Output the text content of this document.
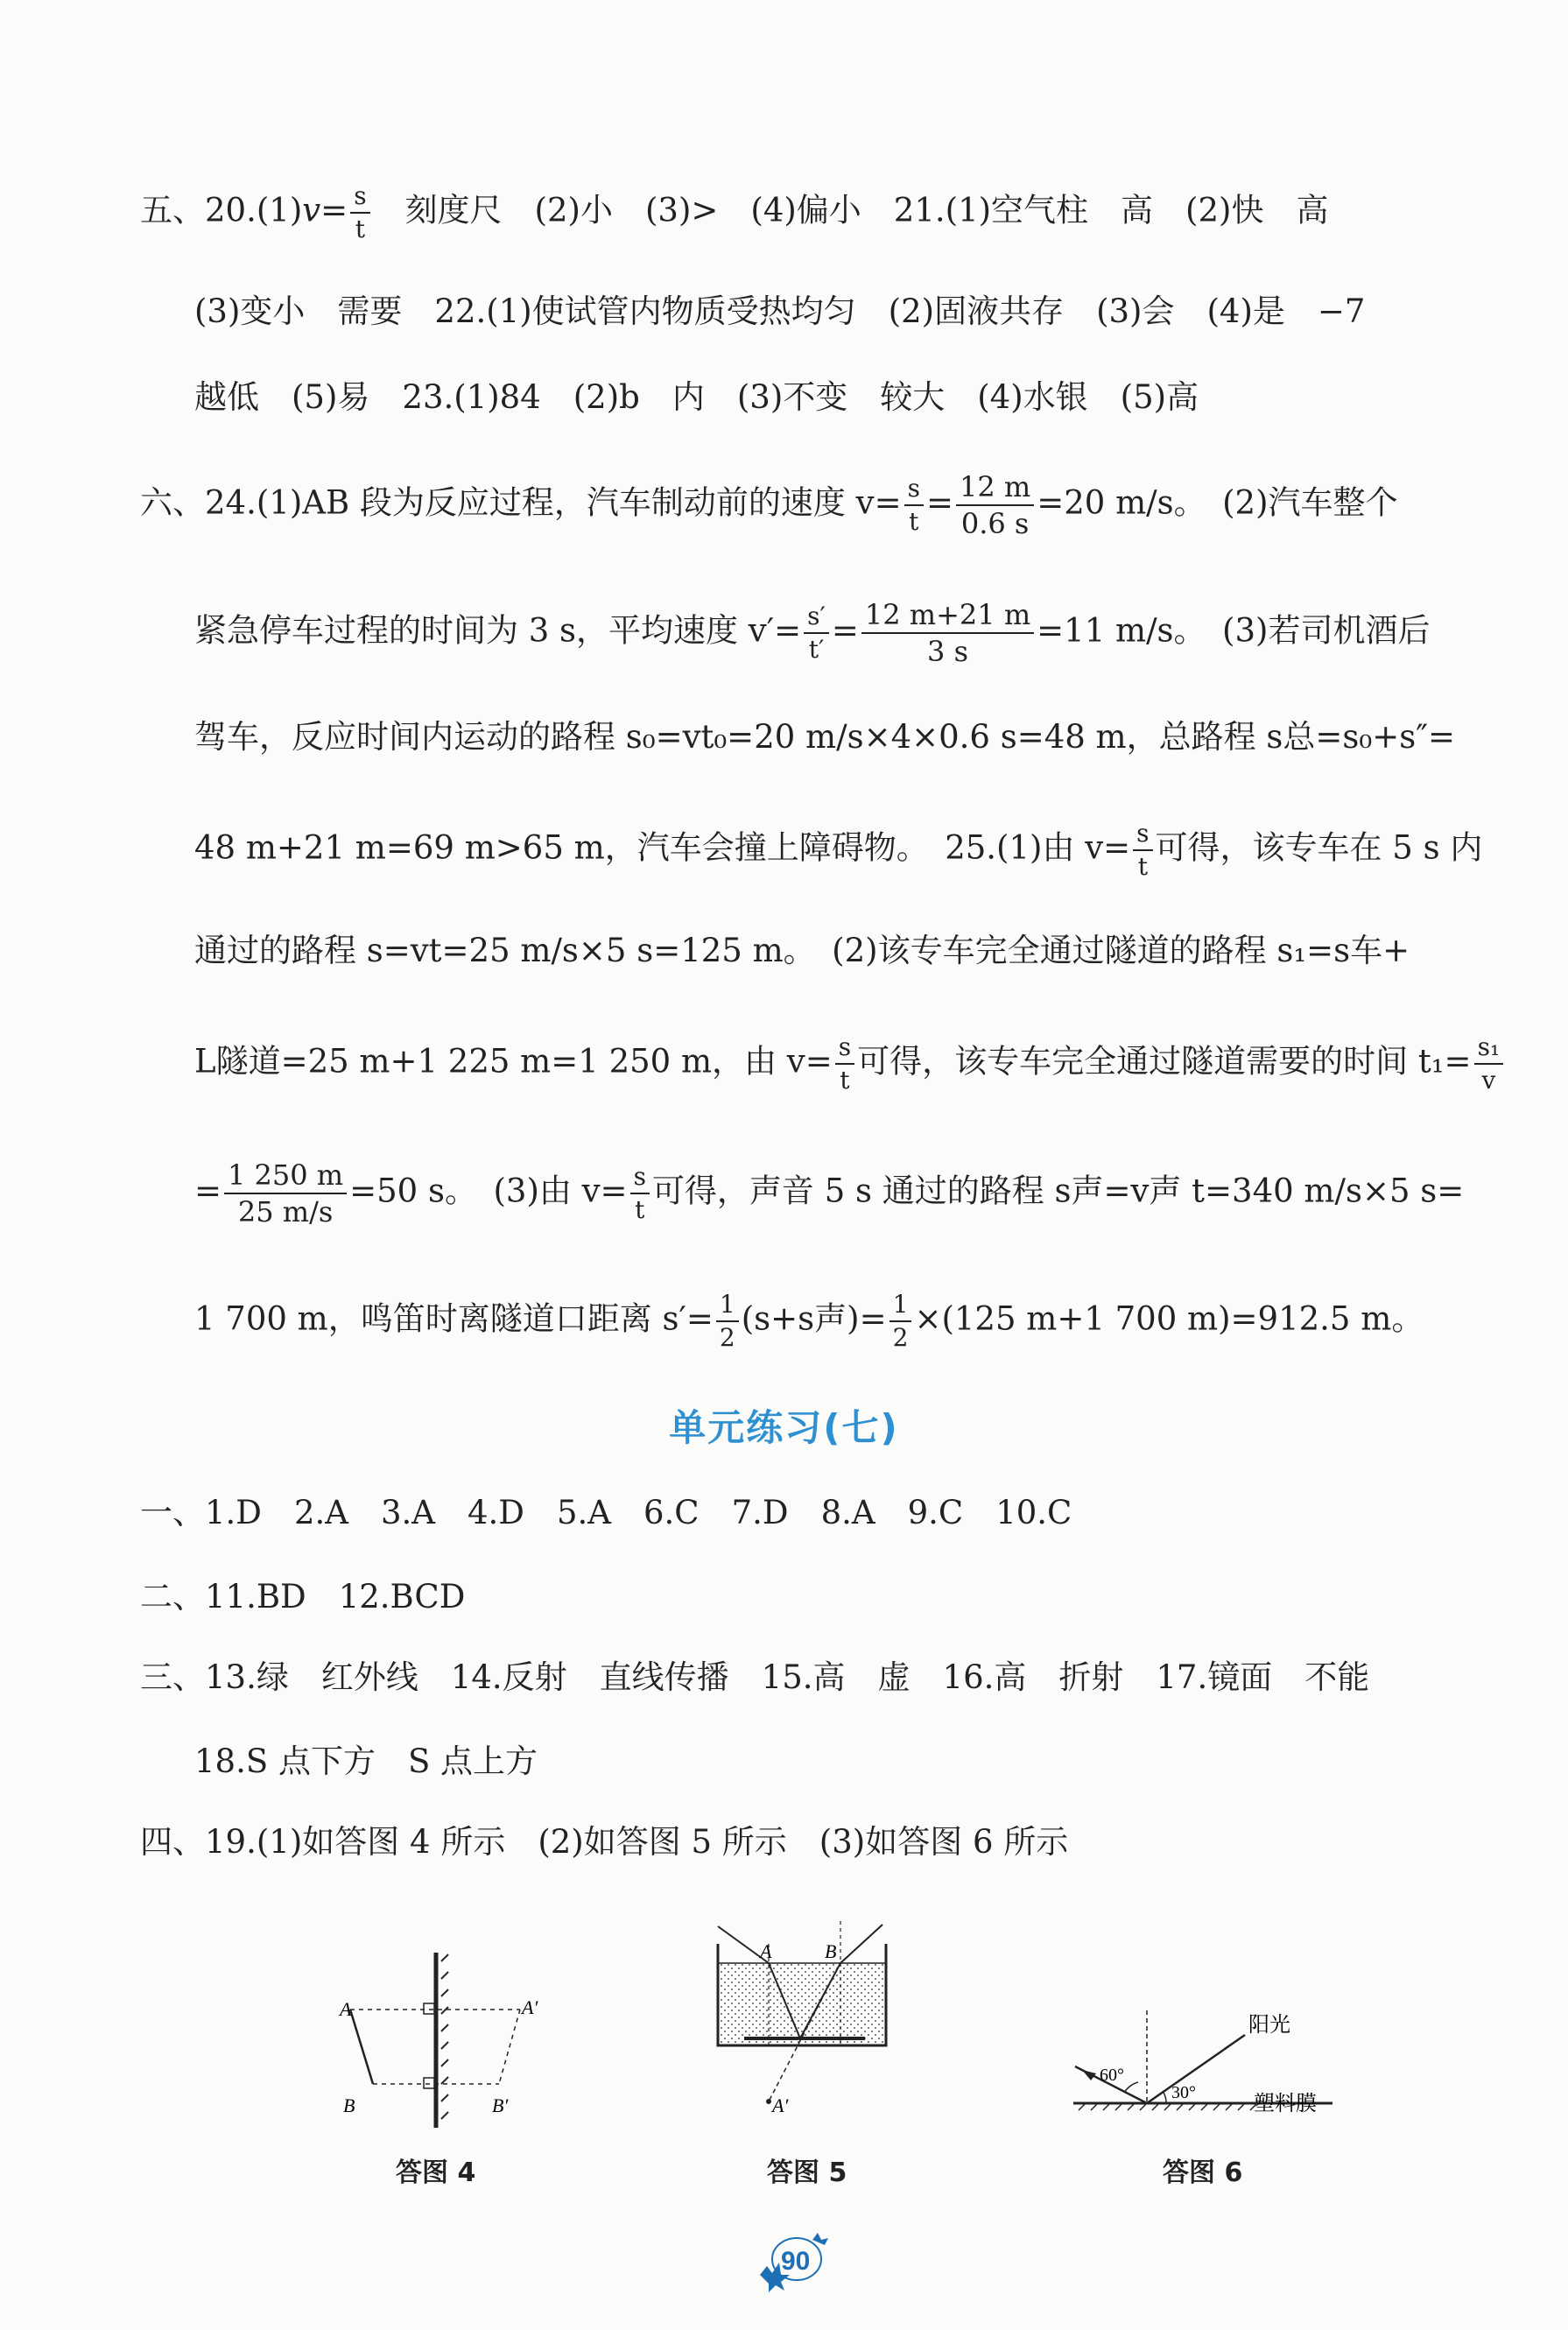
五、$20.(1)v= \frac{s}{t}$
　 刻度尺　(2)小　(3)>　(4)偏小　21.(1)空气柱　高　(2)快　高
(3)变小　需要　22.(1)使试管内物质受热均匀　(2)固液共存　(3)会　(4)是　−7
越低　(5)易　23.(1)84　(2)b　内　(3)不变　较大　(4)水银　(5)高
六、24.(1)AB 段为反应过程，汽车制动前的速度 $v= \frac{s}{t} = \frac{12 m}{0.6 s} =20$ m/s。　(2)汽车整个
紧急停车过程的时间为 3 s，平均速度 $v'= \frac{s'}{t'} = \frac{12 m+21 m}{3 s} =11$ m/s。　(3)若司机酒后
驾车，反应时间内运动的路程 s₀=vt₀=20 m/s×4×0.6 s=48 m，总路程 s总=s₀+s″=
48 m+21 m=69 m>65 m，汽车会撞上障碍物。　25.(1)由 $v= \frac{s}{t}$ 可得，该专车在 5 s 内
通过的路程 s=vt=25 m/s×5 s=125 m。　(2)该专车完全通过隧道的路程 s₁=s车+
L隧道=25 m+1 225 m=1 250 m，由 $v= \frac{s}{t}$ 可得，该专车完全通过隧道需要的时间 $t_1= \frac{\text{s₁}}{v}$
= $\frac{1 250 m}{25 m/s} =50$ s。　(3)由 $v= \frac{s}{t}$ 可得，声音 5 s 通过的路程 s声=v声 t=340 m/s×5 s=
1 700 m，鸣笛时离隧道口距离 $s'= \frac{1}{2} (s+s$声)= $\frac{1}{2} \times(125$ m+1 700 m)=912.5 m。
单元练习(七)
一、1.D　2.A　3.A　4.D　5.A　6.C　7.D　8.A　9.C　10.C
二、11.BD　12.BCD
三、13.绿　红外线　14.反射　直线传播　15.高　虚　16.高　折射　17.镜面　不能
18.S 点下方　S 点上方
四、19.(1)如答图 4 所示　(2)如答图 5 所示　(3)如答图 6 所示
A	A′
B	B′
答图 4
A	B
A′
答图 5
阳光
60°
30°	塑料膜
答图 6
90
